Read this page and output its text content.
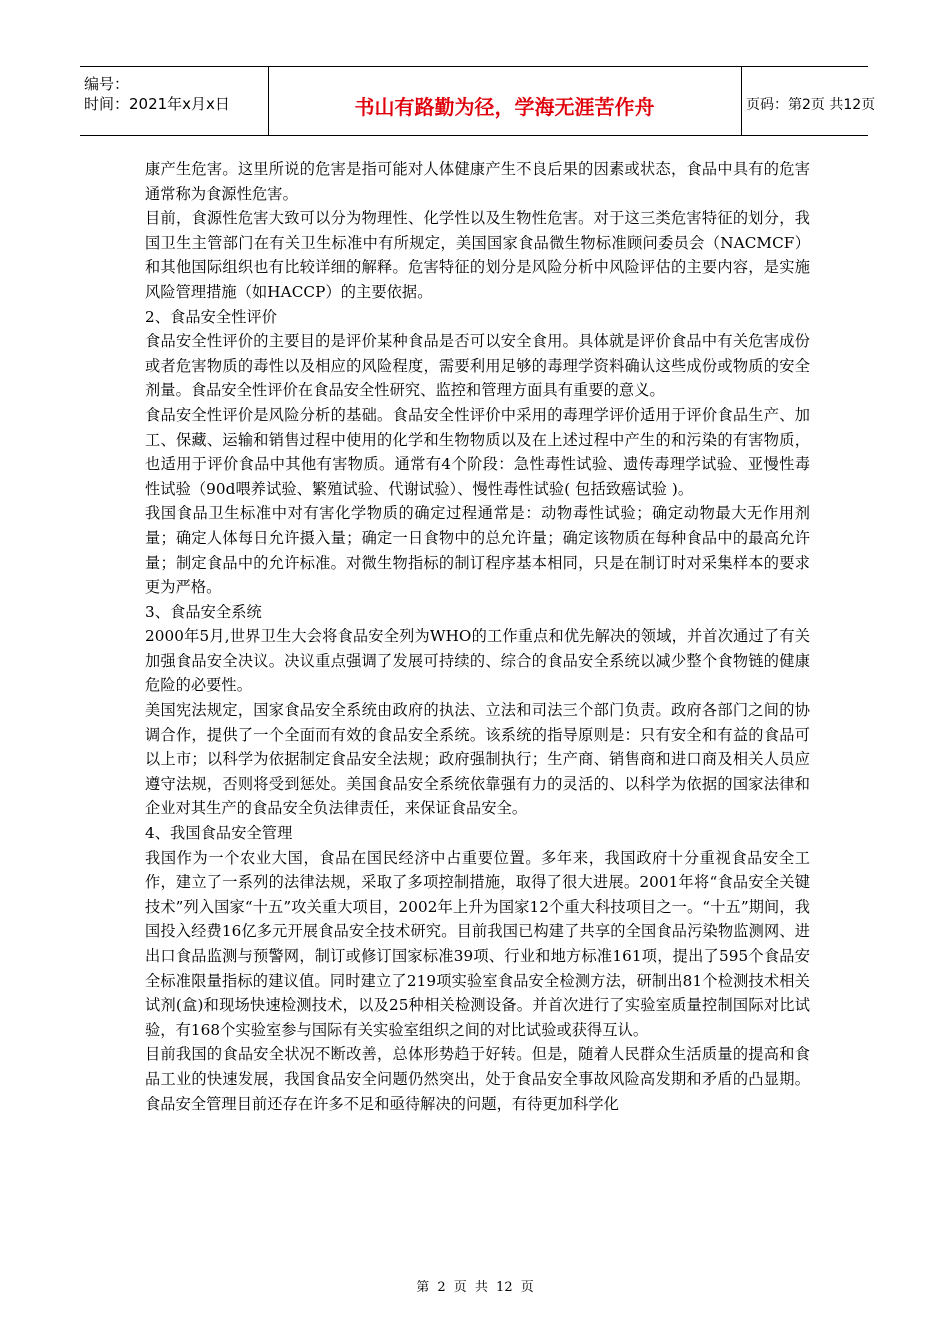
编号：
时间：2021年x月x日	书山有路勤为径，学海无涯苦作舟	页码：第2页 共12页

康产生危害。这里所说的危害是指可能对人体健康产生不良后果的因素或状态，食品中具有的危害通常称为食源性危害。

目前，食源性危害大致可以分为物理性、化学性以及生物性危害。对于这三类危害特征的划分，我国卫生主管部门在有关卫生标准中有所规定，美国国家食品微生物标准顾问委员会（NACMCF）和其他国际组织也有比较详细的解释。危害特征的划分是风险分析中风险评估的主要内容，是实施风险管理措施（如HACCP）的主要依据。

2、食品安全性评价

食品安全性评价的主要目的是评价某种食品是否可以安全食用。具体就是评价食品中有关危害成份或者危害物质的毒性以及相应的风险程度，需要利用足够的毒理学资料确认这些成份或物质的安全剂量。食品安全性评价在食品安全性研究、监控和管理方面具有重要的意义。

食品安全性评价是风险分析的基础。食品安全性评价中采用的毒理学评价适用于评价食品生产、加工、保藏、运输和销售过程中使用的化学和生物物质以及在上述过程中产生的和污染的有害物质，也适用于评价食品中其他有害物质。通常有4个阶段：急性毒性试验、遗传毒理学试验、亚慢性毒性试验（90d喂养试验、繁殖试验、代谢试验）、慢性毒性试验( 包括致癌试验 )。

我国食品卫生标准中对有害化学物质的确定过程通常是：动物毒性试验；确定动物最大无作用剂量；确定人体每日允许摄入量；确定一日食物中的总允许量；确定该物质在每种食品中的最高允许量；制定食品中的允许标准。对微生物指标的制订程序基本相同，只是在制订时对采集样本的要求更为严格。

3、食品安全系统

2000年5月,世界卫生大会将食品安全列为WHO的工作重点和优先解决的领域，并首次通过了有关加强食品安全决议。决议重点强调了发展可持续的、综合的食品安全系统以减少整个食物链的健康危险的必要性。

美国宪法规定，国家食品安全系统由政府的执法、立法和司法三个部门负责。政府各部门之间的协调合作，提供了一个全面而有效的食品安全系统。该系统的指导原则是：只有安全和有益的食品可以上市；以科学为依据制定食品安全法规；政府强制执行；生产商、销售商和进口商及相关人员应遵守法规，否则将受到惩处。美国食品安全系统依靠强有力的灵活的、以科学为依据的国家法律和企业对其生产的食品安全负法律责任，来保证食品安全。

4、我国食品安全管理

我国作为一个农业大国，食品在国民经济中占重要位置。多年来，我国政府十分重视食品安全工作，建立了一系列的法律法规，采取了多项控制措施，取得了很大进展。2001年将“食品安全关键技术”列入国家“十五”攻关重大项目，2002年上升为国家12个重大科技项目之一。“十五”期间，我国投入经费16亿多元开展食品安全技术研究。目前我国已构建了共享的全国食品污染物监测网、进出口食品监测与预警网，制订或修订国家标准39项、行业和地方标准161项，提出了595个食品安全标准限量指标的建议值。同时建立了219项实验室食品安全检测方法，研制出81个检测技术相关试剂(盒)和现场快速检测技术，以及25种相关检测设备。并首次进行了实验室质量控制国际对比试验，有168个实验室参与国际有关实验室组织之间的对比试验或获得互认。

目前我国的食品安全状况不断改善，总体形势趋于好转。但是，随着人民群众生活质量的提高和食品工业的快速发展，我国食品安全问题仍然突出，处于食品安全事故风险高发期和矛盾的凸显期。食品安全管理目前还存在许多不足和亟待解决的问题，有待更加科学化

第 2 页 共 12 页
